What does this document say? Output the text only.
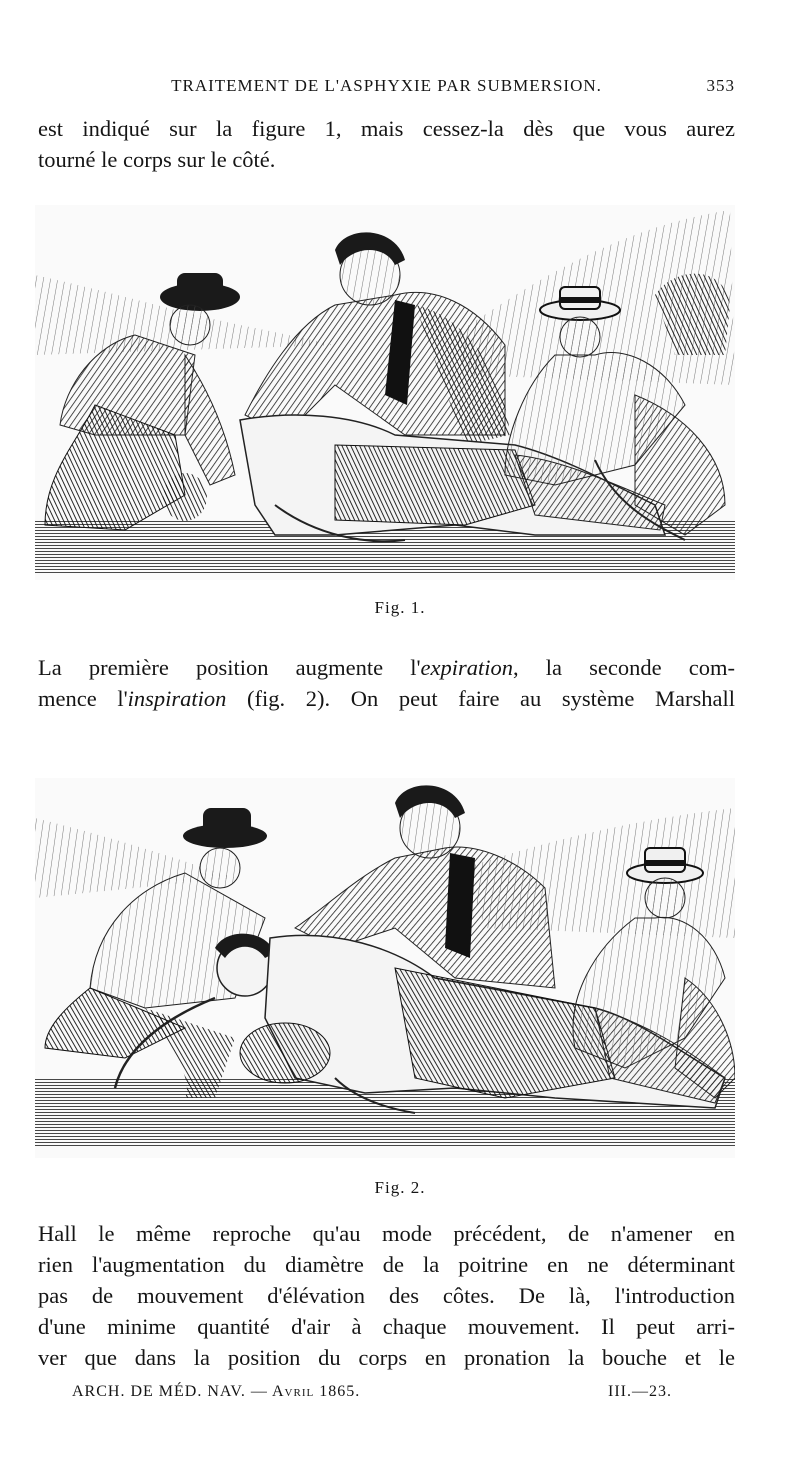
TRAITEMENT DE L'ASPHYXIE PAR SUBMERSION.	353

est indiqué sur la figure 1, mais cessez-la dès que vous aurez
tourné le corps sur le côté.

Fig. 1.

La première position augmente l'expiration, la seconde com-
mence l'inspiration (fig. 2). On peut faire au système Marshall

Fig. 2.

Hall le même reproche qu'au mode précédent, de n'amener en
rien l'augmentation du diamètre de la poitrine en ne déterminant
pas de mouvement d'élévation des côtes. De là, l'introduction
d'une minime quantité d'air à chaque mouvement. Il peut arri-
ver que dans la position du corps en pronation la bouche et le

ARCH. DE MÉD. NAV. — Avril 1865.	III.—23.
